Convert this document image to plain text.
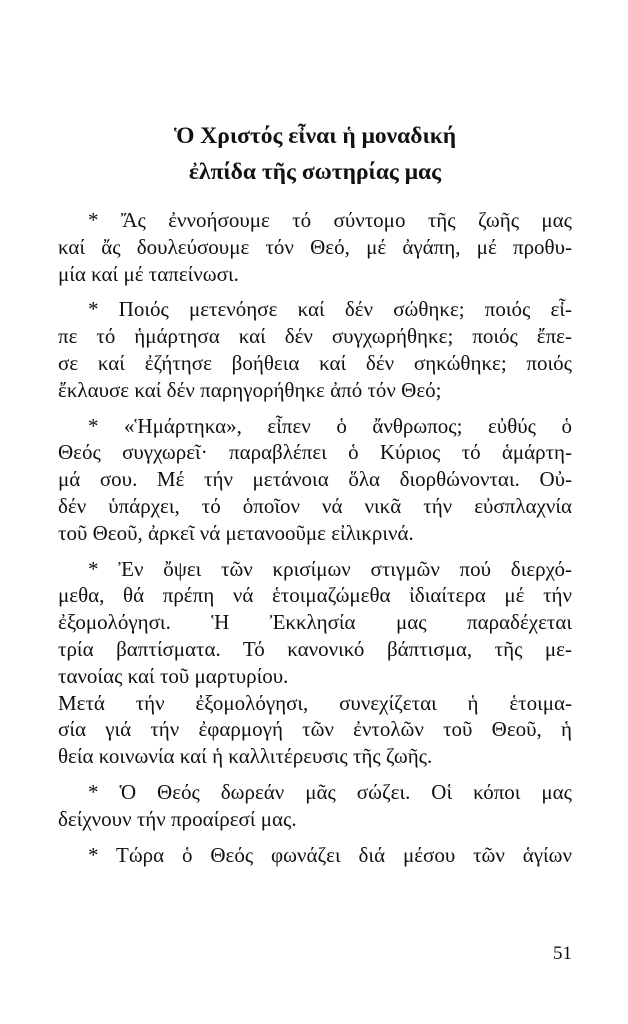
Ὁ Χριστός εἶναι ἡ μοναδική
ἐλπίδα τῆς σωτηρίας μας

* Ἄς ἐννοήσουμε τό σύντομο τῆς ζωῆς μας
καί ἄς δουλεύσουμε τόν Θεό, μέ ἀγάπη, μέ προθυ-
μία καί μέ ταπείνωσι.

* Ποιός μετενόησε καί δέν σώθηκε; ποιός εἶ-
πε τό ἡμάρτησα καί δέν συγχωρήθηκε; ποιός ἔπε-
σε καί ἐζήτησε βοήθεια καί δέν σηκώθηκε; ποιός
ἔκλαυσε καί δέν παρηγορήθηκε ἀπό τόν Θεό;

* «Ἡμάρτηκα», εἶπεν ὁ ἄνθρωπος; εὐθύς ὁ
Θεός συγχωρεῖ· παραβλέπει ὁ Κύριος τό ἁμάρτη-
μά σου. Μέ τήν μετάνοια ὅλα διορθώνονται. Οὐ-
δέν ὑπάρχει, τό ὁποῖον νά νικᾶ τήν εὐσπλαχνία
τοῦ Θεοῦ, ἀρκεῖ νά μετανοοῦμε εἰλικρινά.

* Ἐν ὄψει τῶν κρισίμων στιγμῶν πού διερχό-
μεθα, θά πρέπη νά ἑτοιμαζώμεθα ἰδιαίτερα μέ τήν
ἐξομολόγησι. Ἡ Ἐκκλησία μας παραδέχεται
τρία βαπτίσματα. Τό κανονικό βάπτισμα, τῆς με-
τανοίας καί τοῦ μαρτυρίου.

Μετά τήν ἐξομολόγησι, συνεχίζεται ἡ ἑτοιμα-
σία γιά τήν ἐφαρμογή τῶν ἐντολῶν τοῦ Θεοῦ, ἡ
θεία κοινωνία καί ἡ καλλιτέρευσις τῆς ζωῆς.

* Ὁ Θεός δωρεάν μᾶς σώζει. Οἱ κόποι μας
δείχνουν τήν προαίρεσί μας.

* Τώρα ὁ Θεός φωνάζει διά μέσου τῶν ἁγίων

51
